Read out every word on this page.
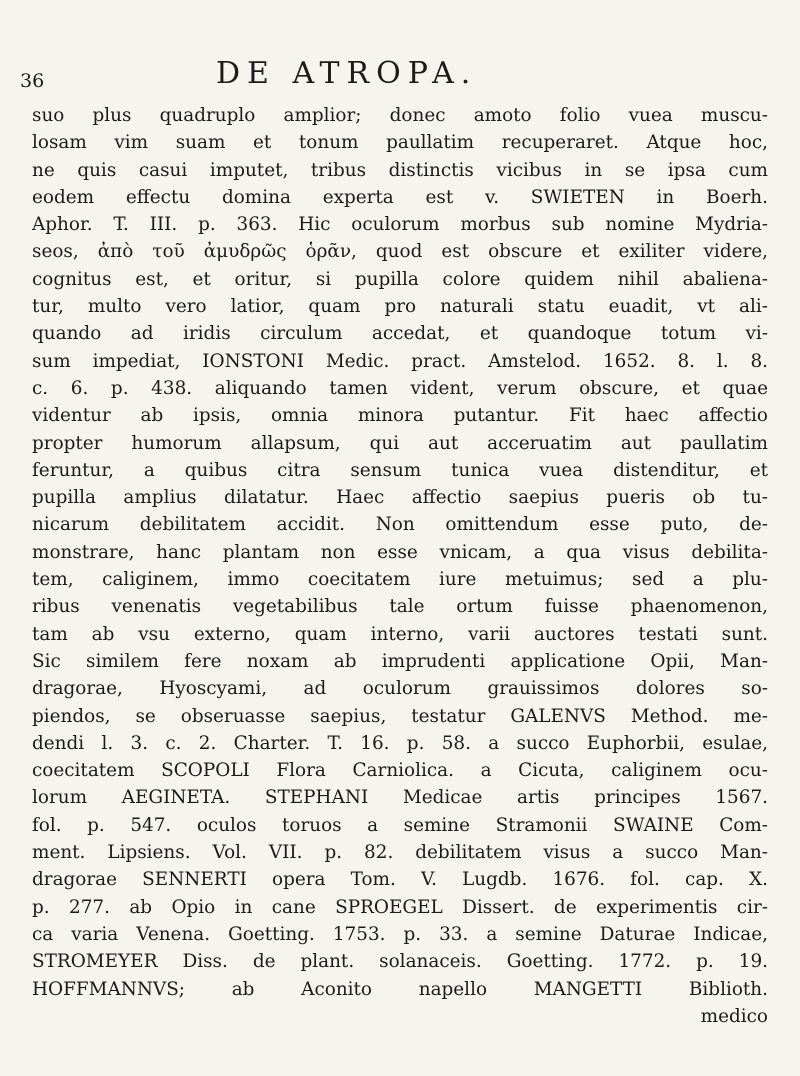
36	DE ATROPA.
suo plus quadruplo amplior; donec amoto folio vuea muscu-
losam vim suam et tonum paullatim recuperaret. Atque hoc,
ne quis casui imputet, tribus distinctis vicibus in se ipsa cum
eodem effectu domina experta est v. SWIETEN in Boerh.
Aphor. T. III. p. 363. Hic oculorum morbus sub nomine Mydria-
seos, ἀπὸ τοῦ ἀμυδρῶς ὁρᾶν, quod est obscure et exiliter videre,
cognitus est, et oritur, si pupilla colore quidem nihil abaliena-
tur, multo vero latior, quam pro naturali statu euadit, vt ali-
quando ad iridis circulum accedat, et quandoque totum vi-
sum impediat, IONSTONI Medic. pract. Amstelod. 1652. 8. l. 8.
c. 6. p. 438. aliquando tamen vident, verum obscure, et quae
videntur ab ipsis, omnia minora putantur. Fit haec affectio
propter humorum allapsum, qui aut acceruatim aut paullatim
feruntur, a quibus citra sensum tunica vuea distenditur, et
pupilla amplius dilatatur. Haec affectio saepius pueris ob tu-
nicarum debilitatem accidit. Non omittendum esse puto, de-
monstrare, hanc plantam non esse vnicam, a qua visus debilita-
tem, caliginem, immo coecitatem iure metuimus; sed a plu-
ribus venenatis vegetabilibus tale ortum fuisse phaenomenon,
tam ab vsu externo, quam interno, varii auctores testati sunt.
Sic similem fere noxam ab imprudenti applicatione Opii, Man-
dragorae, Hyoscyami, ad oculorum grauissimos dolores so-
piendos, se obseruasse saepius, testatur GALENVS Method. me-
dendi l. 3. c. 2. Charter. T. 16. p. 58. a succo Euphorbii, esulae,
coecitatem SCOPOLI Flora Carniolica. a Cicuta, caliginem ocu-
lorum AEGINETA. STEPHANI Medicae artis principes 1567.
fol. p. 547. oculos toruos a semine Stramonii SWAINE Com-
ment. Lipsiens. Vol. VII. p. 82. debilitatem visus a succo Man-
dragorae SENNERTI opera Tom. V. Lugdb. 1676. fol. cap. X.
p. 277. ab Opio in cane SPROEGEL Dissert. de experimentis cir-
ca varia Venena. Goetting. 1753. p. 33. a semine Daturae Indicae,
STROMEYER Diss. de plant. solanaceis. Goetting. 1772. p. 19.
HOFFMANNVS; ab Aconito napello MANGETTI Biblioth.
medico
